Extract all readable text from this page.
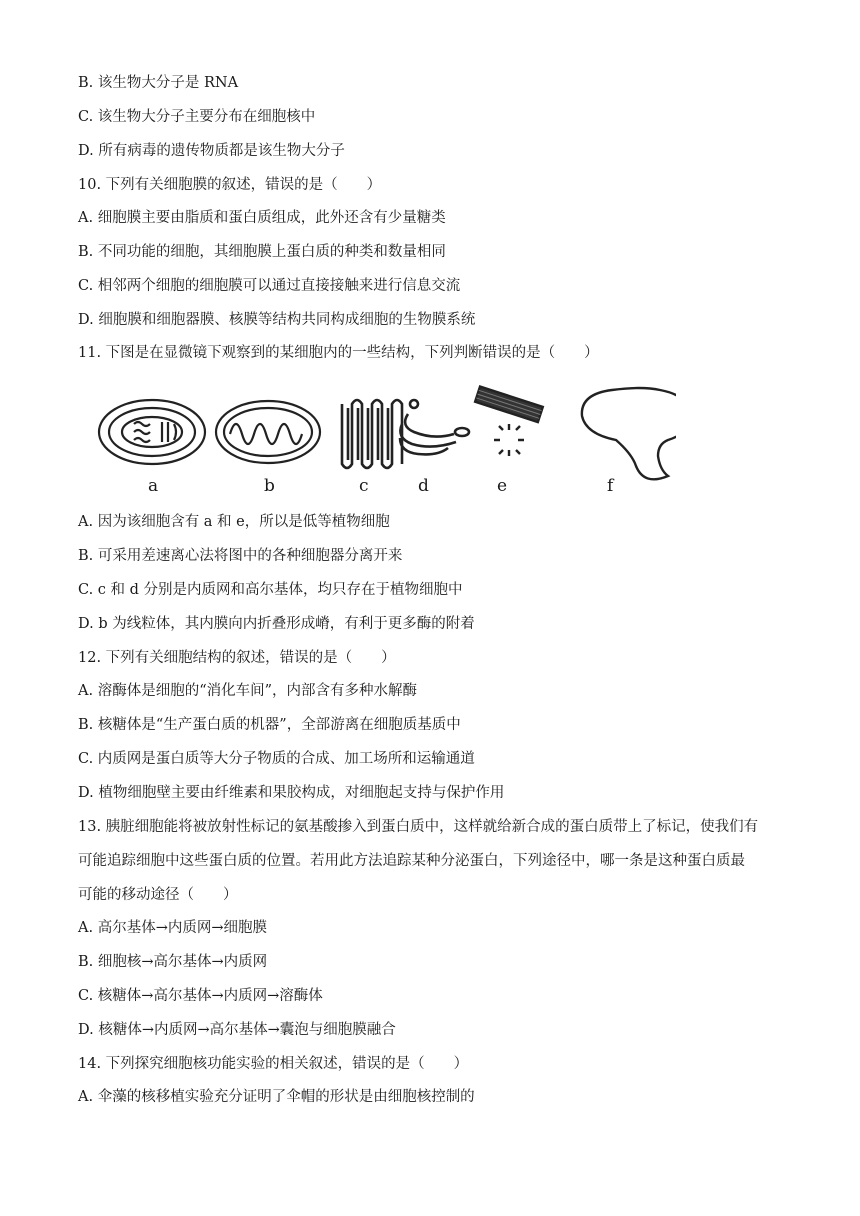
B. 该生物大分子是 RNA
C. 该生物大分子主要分布在细胞核中
D. 所有病毒的遗传物质都是该生物大分子
10. 下列有关细胞膜的叙述，错误的是（　　）
A. 细胞膜主要由脂质和蛋白质组成，此外还含有少量糖类
B. 不同功能的细胞，其细胞膜上蛋白质的种类和数量相同
C. 相邻两个细胞的细胞膜可以通过直接接触来进行信息交流
D. 细胞膜和细胞器膜、核膜等结构共同构成细胞的生物膜系统
11. 下图是在显微镜下观察到的某细胞内的一些结构，下列判断错误的是（　　）
A. 因为该细胞含有 a 和 e，所以是低等植物细胞
B. 可采用差速离心法将图中的各种细胞器分离开来
C. c 和 d 分别是内质网和高尔基体，均只存在于植物细胞中
D. b 为线粒体，其内膜向内折叠形成嵴，有利于更多酶的附着
12. 下列有关细胞结构的叙述，错误的是（　　）
A. 溶酶体是细胞的“消化车间”，内部含有多种水解酶
B. 核糖体是“生产蛋白质的机器”，全部游离在细胞质基质中
C. 内质网是蛋白质等大分子物质的合成、加工场所和运输通道
D. 植物细胞壁主要由纤维素和果胶构成，对细胞起支持与保护作用
13. 胰脏细胞能将被放射性标记的氨基酸掺入到蛋白质中，这样就给新合成的蛋白质带上了标记，使我们有
可能追踪细胞中这些蛋白质的位置。若用此方法追踪某种分泌蛋白，下列途径中，哪一条是这种蛋白质最
可能的移动途径（　　）
A. 高尔基体→内质网→细胞膜
B. 细胞核→高尔基体→内质网
C. 核糖体→高尔基体→内质网→溶酶体
D. 核糖体→内质网→高尔基体→囊泡与细胞膜融合
14. 下列探究细胞核功能实验的相关叙述，错误的是（　　）
A. 伞藻的核移植实验充分证明了伞帽的形状是由细胞核控制的
a	b	c	d	e	f
